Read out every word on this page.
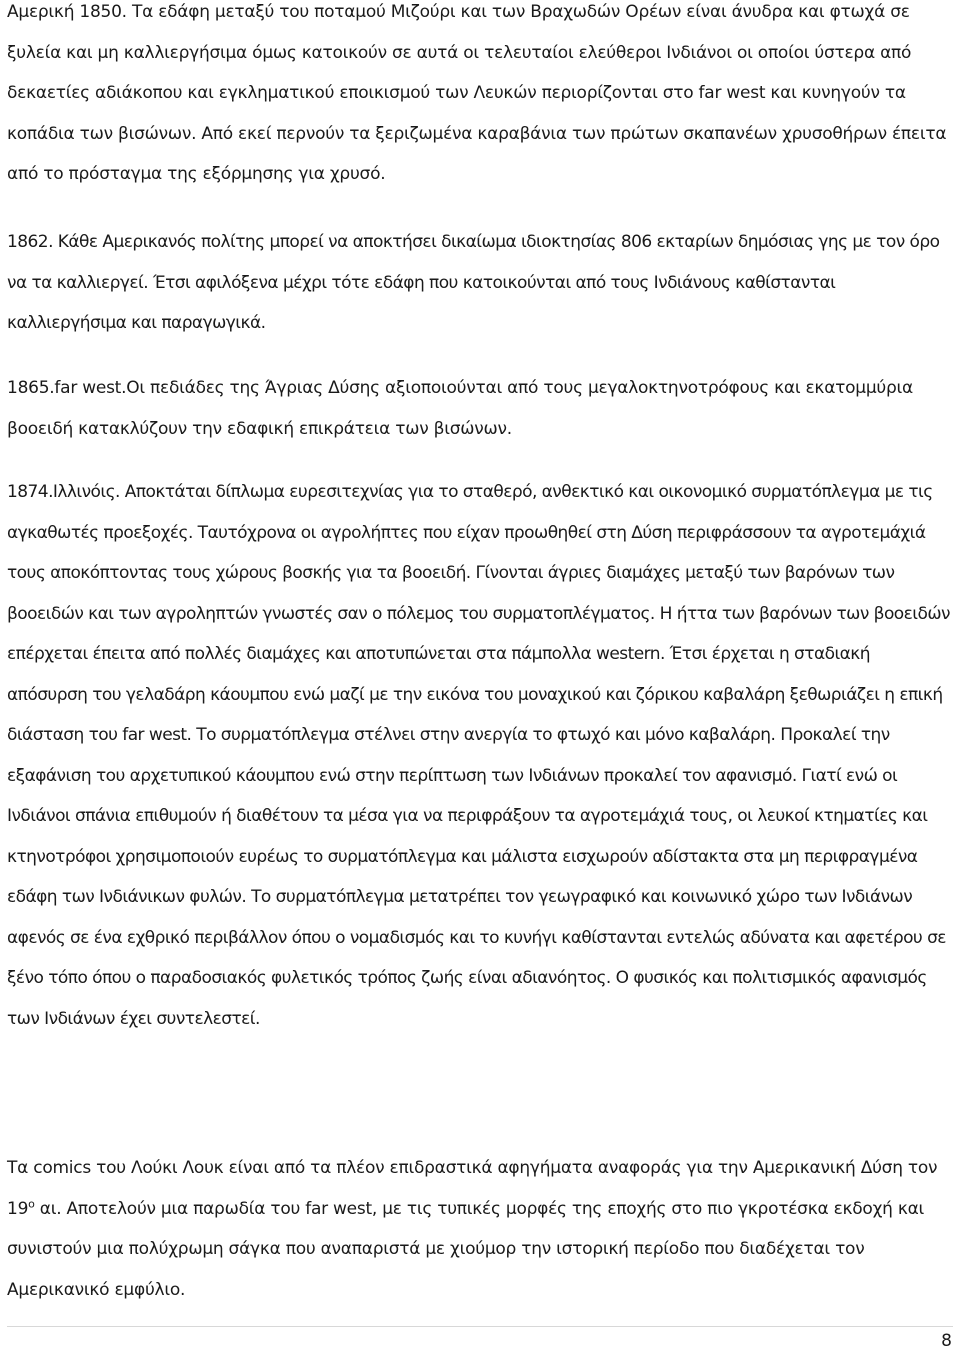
Αμερική 1850. Τα εδάφη μεταξύ του ποταμού Μιζούρι και των Βραχωδών Ορέων είναι άνυδρα και φτωχά σε ξυλεία και μη καλλιεργήσιμα όμως κατοικούν σε αυτά οι τελευταίοι ελεύθεροι Ινδιάνοι οι οποίοι ύστερα από δεκαετίες αδιάκοπου και εγκληματικού εποικισμού των Λευκών περιορίζονται στο far west και κυνηγούν τα κοπάδια των βισώνων. Από εκεί περνούν τα ξεριζωμένα καραβάνια των πρώτων σκαπανέων χρυσοθήρων έπειτα από το πρόσταγμα της εξόρμησης για χρυσό.

1862. Κάθε Αμερικανός πολίτης μπορεί να αποκτήσει δικαίωμα ιδιοκτησίας 806 εκταρίων δημόσιας γης με τον όρο να τα καλλιεργεί. Έτσι αφιλόξενα μέχρι τότε εδάφη που κατοικούνται από τους Ινδιάνους καθίστανται καλλιεργήσιμα και παραγωγικά.

1865.far west.Οι πεδιάδες της Άγριας Δύσης αξιοποιούνται από τους μεγαλοκτηνοτρόφους και εκατομμύρια βοοειδή κατακλύζουν την εδαφική επικράτεια των βισώνων.

1874.Ιλλινόις. Αποκτάται δίπλωμα ευρεσιτεχνίας για το σταθερό, ανθεκτικό και οικονομικό συρματόπλεγμα με τις αγκαθωτές προεξοχές. Ταυτόχρονα οι αγρολήπτες που είχαν προωθηθεί στη Δύση περιφράσσουν τα αγροτεμάχιά τους αποκόπτοντας τους χώρους βοσκής για τα βοοειδή. Γίνονται άγριες διαμάχες μεταξύ των βαρόνων των βοοειδών και των αγροληπτών γνωστές σαν ο πόλεμος του συρματοπλέγματος. Η ήττα των βαρόνων των βοοειδών επέρχεται έπειτα από πολλές διαμάχες και αποτυπώνεται στα πάμπολλα western. Έτσι έρχεται η σταδιακή απόσυρση του γελαδάρη κάουμπου ενώ μαζί με την εικόνα του μοναχικού και ζόρικου καβαλάρη ξεθωριάζει η επική διάσταση του far west. Το συρματόπλεγμα στέλνει στην ανεργία το φτωχό και μόνο καβαλάρη. Προκαλεί την εξαφάνιση του αρχετυπικού κάουμπου ενώ στην περίπτωση των Ινδιάνων προκαλεί τον αφανισμό. Γιατί ενώ οι Ινδιάνοι σπάνια επιθυμούν ή διαθέτουν τα μέσα για να περιφράξουν τα αγροτεμάχιά τους, οι λευκοί κτηματίες και κτηνοτρόφοι χρησιμοποιούν ευρέως το συρματόπλεγμα και μάλιστα εισχωρούν αδίστακτα στα μη περιφραγμένα εδάφη των Ινδιάνικων φυλών. Το συρματόπλεγμα μετατρέπει τον γεωγραφικό και κοινωνικό χώρο των Ινδιάνων αφενός σε ένα εχθρικό περιβάλλον όπου ο νομαδισμός και το κυνήγι καθίστανται εντελώς αδύνατα και αφετέρου σε ξένο τόπο όπου ο παραδοσιακός φυλετικός τρόπος ζωής είναι αδιανόητος. Ο φυσικός και πολιτισμικός αφανισμός των Ινδιάνων έχει συντελεστεί.

Τα comics του Λούκι Λουκ είναι από τα πλέον επιδραστικά αφηγήματα αναφοράς για την Αμερικανική Δύση τον $19^o$ αι. Αποτελούν μια παρωδία του far west, με τις τυπικές μορφές της εποχής στο πιο γκροτέσκα εκδοχή και συνιστούν μια πολύχρωμη σάγκα που αναπαριστά με χιούμορ την ιστορική περίοδο που διαδέχεται τον Αμερικανικό εμφύλιο.

8
